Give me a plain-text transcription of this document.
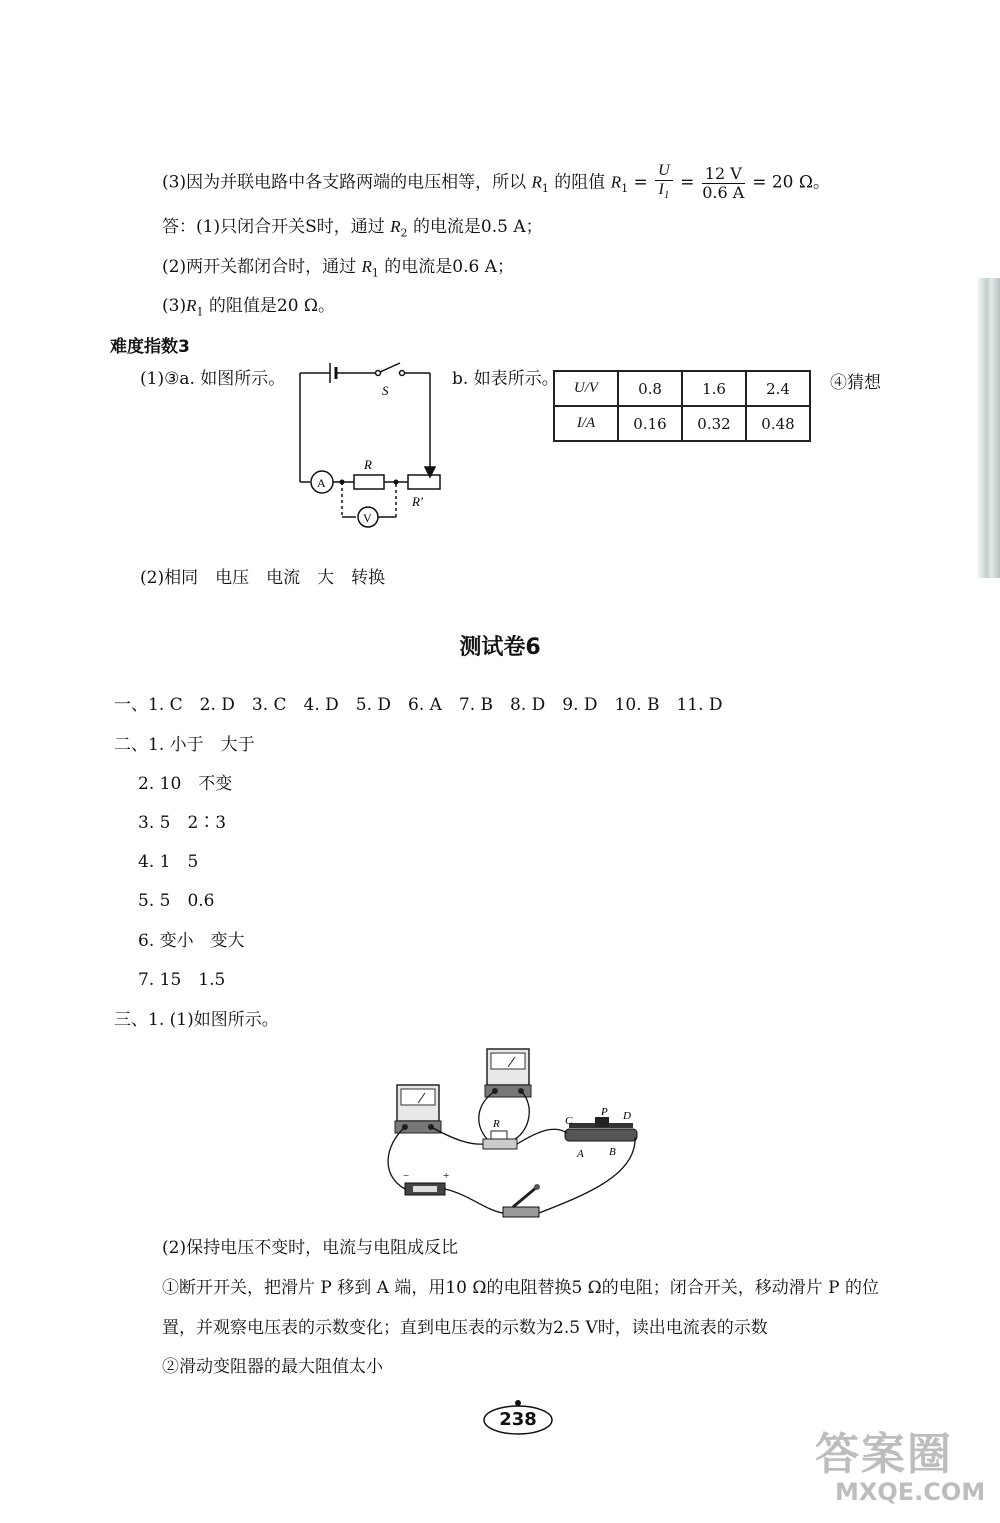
(3)因为并联电路中各支路两端的电压相等，所以 $R_1$ 的阻值 $R_1 = \frac{U}{I_1} = \frac{12 V}{0.6 A} = 20$ Ω。
答：(1)只闭合开关S时，通过 $R_2$ 的电流是0.5 A；
(2)两开关都闭合时，通过 $R_1$ 的电流是0.6 A；
$(3)R_1$ 的阻值是20 Ω。
难度指数3
(1)③a. 如图所示。
S
R
R'
A
V
b. 如表所示。 U/V	0.8	1.6	2.4
I/A	0.16	0.32	0.48
④猜想
(2)相同　电压　电流　大　转换
测试卷6
一、1. C　2. D　3. C　4. D　5. D　6. A　7. B　8. D　9. D　10. B　11. D
二、1. 小于　大于
2. 10　不变
3. 5　2∶3
4. 1　5
5. 5　0.6
6. 变小　变大
7. 15　1.5
三、1. (1)如图所示。
C
P D
A B
R
−	+
(2)保持电压不变时，电流与电阻成反比
①断开开关，把滑片 P 移到 A 端，用10 Ω的电阻替换5 Ω的电阻；闭合开关，移动滑片 P 的位
置，并观察电压表的示数变化；直到电压表的示数为2.5 V时，读出电流表的示数
②滑动变阻器的最大阻值太小
238
答案圈
MXQE.COM
